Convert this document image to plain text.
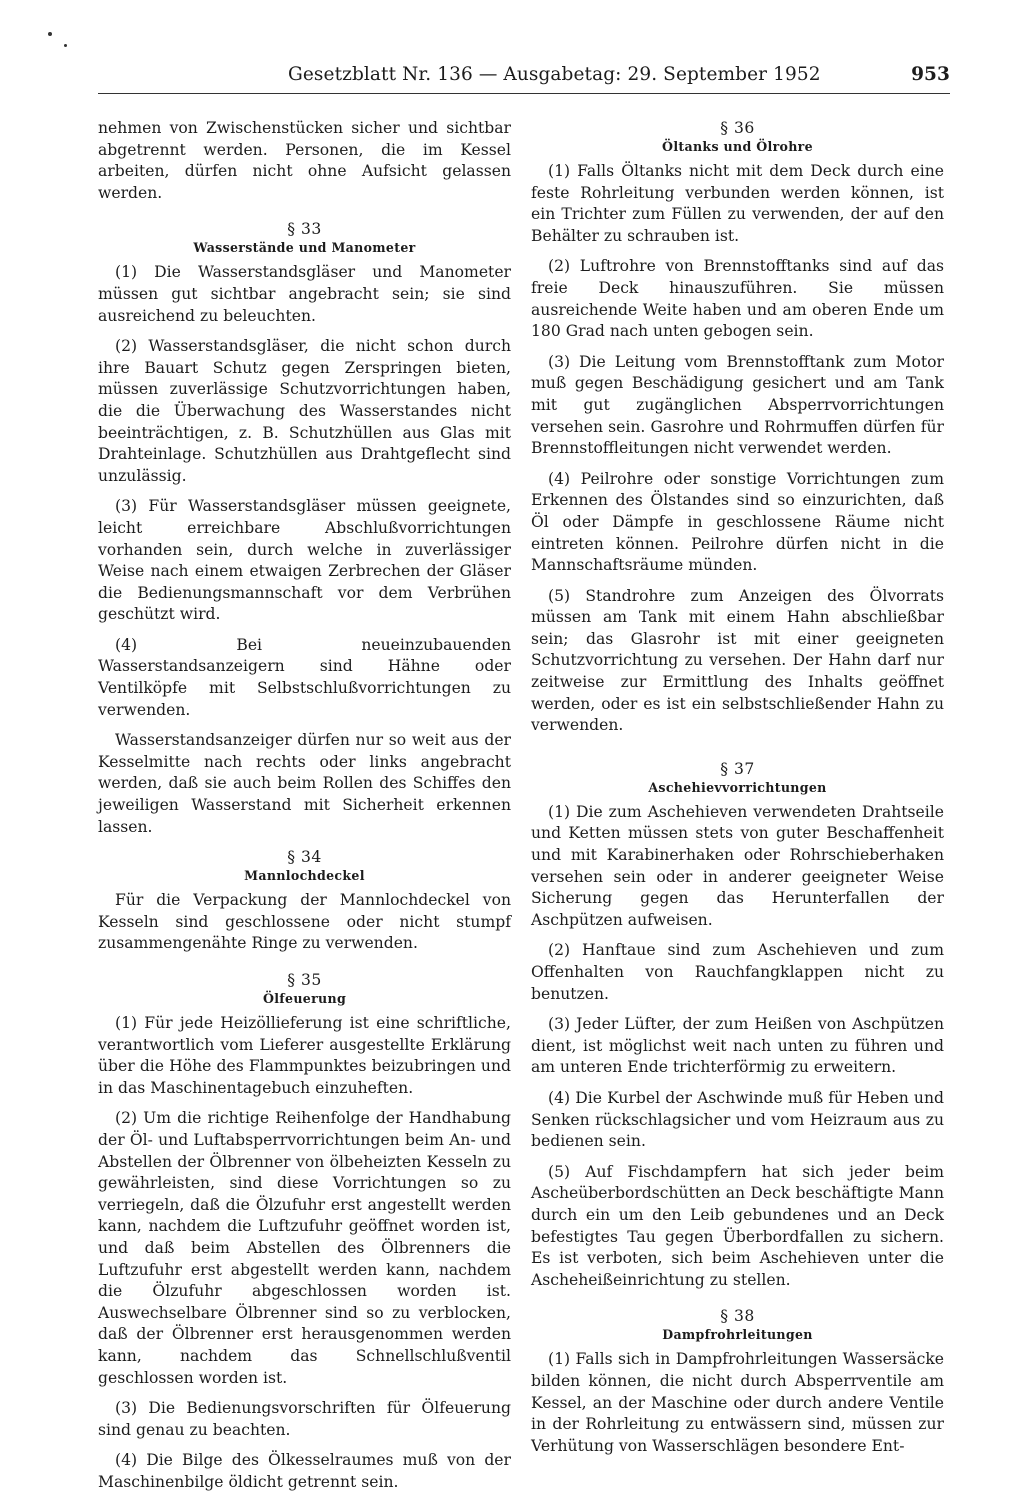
Gesetzblatt Nr. 136 — Ausgabetag: 29. September 1952	953

nehmen von Zwischenstücken sicher und sichtbar abgetrennt werden. Personen, die im Kessel arbeiten, dürfen nicht ohne Aufsicht gelassen werden.

§ 33
Wasserstände und Manometer

(1) Die Wasserstandsgläser und Manometer müssen gut sichtbar angebracht sein; sie sind ausreichend zu beleuchten.

(2) Wasserstandsgläser, die nicht schon durch ihre Bauart Schutz gegen Zerspringen bieten, müssen zuverlässige Schutzvorrichtungen haben, die die Überwachung des Wasserstandes nicht beeinträchtigen, z. B. Schutzhüllen aus Glas mit Drahteinlage. Schutzhüllen aus Drahtgeflecht sind unzulässig.

(3) Für Wasserstandsgläser müssen geeignete, leicht erreichbare Abschlußvorrichtungen vorhanden sein, durch welche in zuverlässiger Weise nach einem etwaigen Zerbrechen der Gläser die Bedienungsmannschaft vor dem Verbrühen geschützt wird.

(4) Bei neueinzubauenden Wasserstandsanzeigern sind Hähne oder Ventilköpfe mit Selbstschlußvorrichtungen zu verwenden.

Wasserstandsanzeiger dürfen nur so weit aus der Kesselmitte nach rechts oder links angebracht werden, daß sie auch beim Rollen des Schiffes den jeweiligen Wasserstand mit Sicherheit erkennen lassen.

§ 34
Mannlochdeckel

Für die Verpackung der Mannlochdeckel von Kesseln sind geschlossene oder nicht stumpf zusammengenähte Ringe zu verwenden.

§ 35
Ölfeuerung

(1) Für jede Heizöllieferung ist eine schriftliche, verantwortlich vom Lieferer ausgestellte Erklärung über die Höhe des Flammpunktes beizubringen und in das Maschinentagebuch einzuheften.

(2) Um die richtige Reihenfolge der Handhabung der Öl- und Luftabsperrvorrichtungen beim An- und Abstellen der Ölbrenner von ölbeheizten Kesseln zu gewährleisten, sind diese Vorrichtungen so zu verriegeln, daß die Ölzufuhr erst angestellt werden kann, nachdem die Luftzufuhr geöffnet worden ist, und daß beim Abstellen des Ölbrenners die Luftzufuhr erst abgestellt werden kann, nachdem die Ölzufuhr abgeschlossen worden ist. Auswechselbare Ölbrenner sind so zu verblocken, daß der Ölbrenner erst herausgenommen werden kann, nachdem das Schnellschlußventil geschlossen worden ist.

(3) Die Bedienungsvorschriften für Ölfeuerung sind genau zu beachten.

(4) Die Bilge des Ölkesselraumes muß von der Maschinenbilge öldicht getrennt sein.

§ 36
Öltanks und Ölrohre

(1) Falls Öltanks nicht mit dem Deck durch eine feste Rohrleitung verbunden werden können, ist ein Trichter zum Füllen zu verwenden, der auf den Behälter zu schrauben ist.

(2) Luftrohre von Brennstofftanks sind auf das freie Deck hinauszuführen. Sie müssen ausreichende Weite haben und am oberen Ende um 180 Grad nach unten gebogen sein.

(3) Die Leitung vom Brennstofftank zum Motor muß gegen Beschädigung gesichert und am Tank mit gut zugänglichen Absperrvorrichtungen versehen sein. Gasrohre und Rohrmuffen dürfen für Brennstoffleitungen nicht verwendet werden.

(4) Peilrohre oder sonstige Vorrichtungen zum Erkennen des Ölstandes sind so einzurichten, daß Öl oder Dämpfe in geschlossene Räume nicht eintreten können. Peilrohre dürfen nicht in die Mannschaftsräume münden.

(5) Standrohre zum Anzeigen des Ölvorrats müssen am Tank mit einem Hahn abschließbar sein; das Glasrohr ist mit einer geeigneten Schutzvorrichtung zu versehen. Der Hahn darf nur zeitweise zur Ermittlung des Inhalts geöffnet werden, oder es ist ein selbstschließender Hahn zu verwenden.

§ 37
Aschehievvorrichtungen

(1) Die zum Aschehieven verwendeten Drahtseile und Ketten müssen stets von guter Beschaffenheit und mit Karabinerhaken oder Rohrschieberhaken versehen sein oder in anderer geeigneter Weise Sicherung gegen das Herunterfallen der Aschpützen aufweisen.

(2) Hanftaue sind zum Aschehieven und zum Offenhalten von Rauchfangklappen nicht zu benutzen.

(3) Jeder Lüfter, der zum Heißen von Aschpützen dient, ist möglichst weit nach unten zu führen und am unteren Ende trichterförmig zu erweitern.

(4) Die Kurbel der Aschwinde muß für Heben und Senken rückschlagsicher und vom Heizraum aus zu bedienen sein.

(5) Auf Fischdampfern hat sich jeder beim Ascheüberbordschütten an Deck beschäftigte Mann durch ein um den Leib gebundenes und an Deck befestigtes Tau gegen Überbordfallen zu sichern. Es ist verboten, sich beim Aschehieven unter die Ascheheißeinrichtung zu stellen.

§ 38
Dampfrohrleitungen

(1) Falls sich in Dampfrohrleitungen Wassersäcke bilden können, die nicht durch Absperrventile am Kessel, an der Maschine oder durch andere Ventile in der Rohrleitung zu entwässern sind, müssen zur Verhütung von Wasserschlägen besondere Ent-
